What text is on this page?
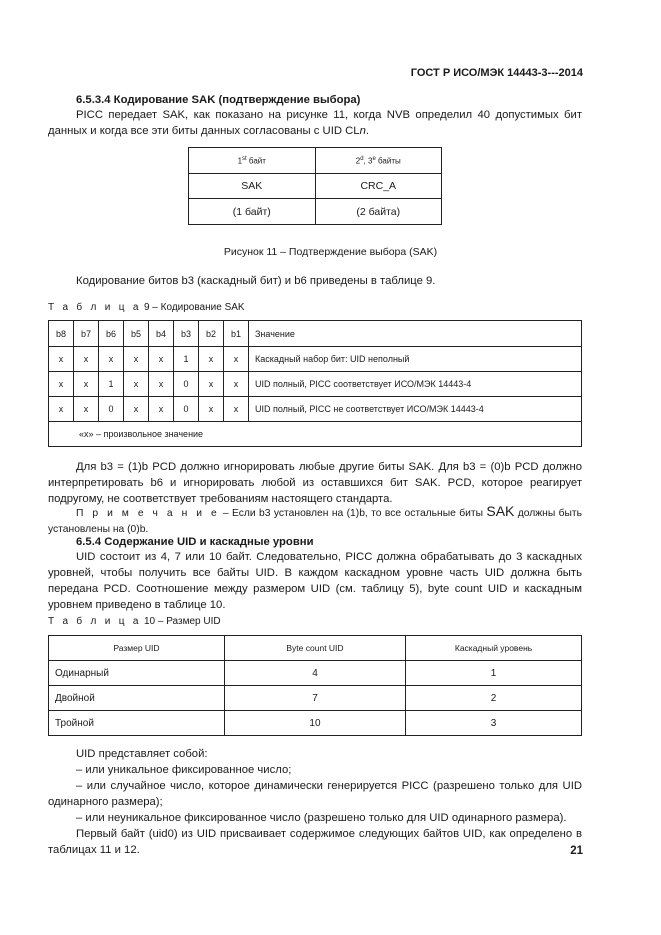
ГОСТ Р ИСО/МЭК 14443-3---2014
6.5.3.4 Кодирование SAK (подтверждение выбора)
PICC передает SAK, как показано на рисунке 11, когда NVB определил 40 допустимых бит данных и когда все эти биты данных согласованы с UID CLn.
1st байт	2$^d$, 3e байты
SAK	CRC_A
(1 байт)	(2 байта)
Рисунок 11 – Подтверждение выбора (SAK)
Кодирование битов b3 (каскадный бит) и b6 приведены в таблице 9.
Т а б л и ц а 9 – Кодирование SAK
b8	b7	b6	b5	b4	b3	b2	b1	Значение
x	x	x	x	x	1	x	x	Каскадный набор бит: UID неполный
x	x	1	x	x	0	x	x	UID полный, PICC соответствует ИСО/МЭК 14443-4
x	x	0	x	x	0	x	x	UID полный, PICC не соответствует ИСО/МЭК 14443-4
«x» – произвольное значение								
Для b3 = (1)b PCD должно игнорировать любые другие биты SAK. Для b3 = (0)b PCD должно интерпретировать b6 и игнорировать любой из оставшихся бит SAK. PCD, которое реагирует подругому, не соответствует требованиям настоящего стандарта.
П р и м е ч а н и е – Если b3 установлен на (1)b, то все остальные биты SAK должны быть установлены на (0)b.
6.5.4 Содержание UID и каскадные уровни
UID состоит из 4, 7 или 10 байт. Следовательно, PICC должна обрабатывать до 3 каскадных уровней, чтобы получить все байты UID. В каждом каскадном уровне часть UID должна быть передана PCD. Соотношение между размером UID (см. таблицу 5), byte count UID и каскадным уровнем приведено в таблице 10.
Т а б л и ц а 10 – Размер UID
Размер UID	Byte count UID	Каскадный уровень
Одинарный	4	1
Двойной	7	2
Тройной	10	3
UID представляет собой:
– или уникальное фиксированное число;
– или случайное число, которое динамически генерируется PICC (разрешено только для UID одинарного размера);
– или неуникальное фиксированное число (разрешено только для UID одинарного размера).
Первый байт (uid0) из UID присваивает содержимое следующих байтов UID, как определено в таблицах 11 и 12.	21
